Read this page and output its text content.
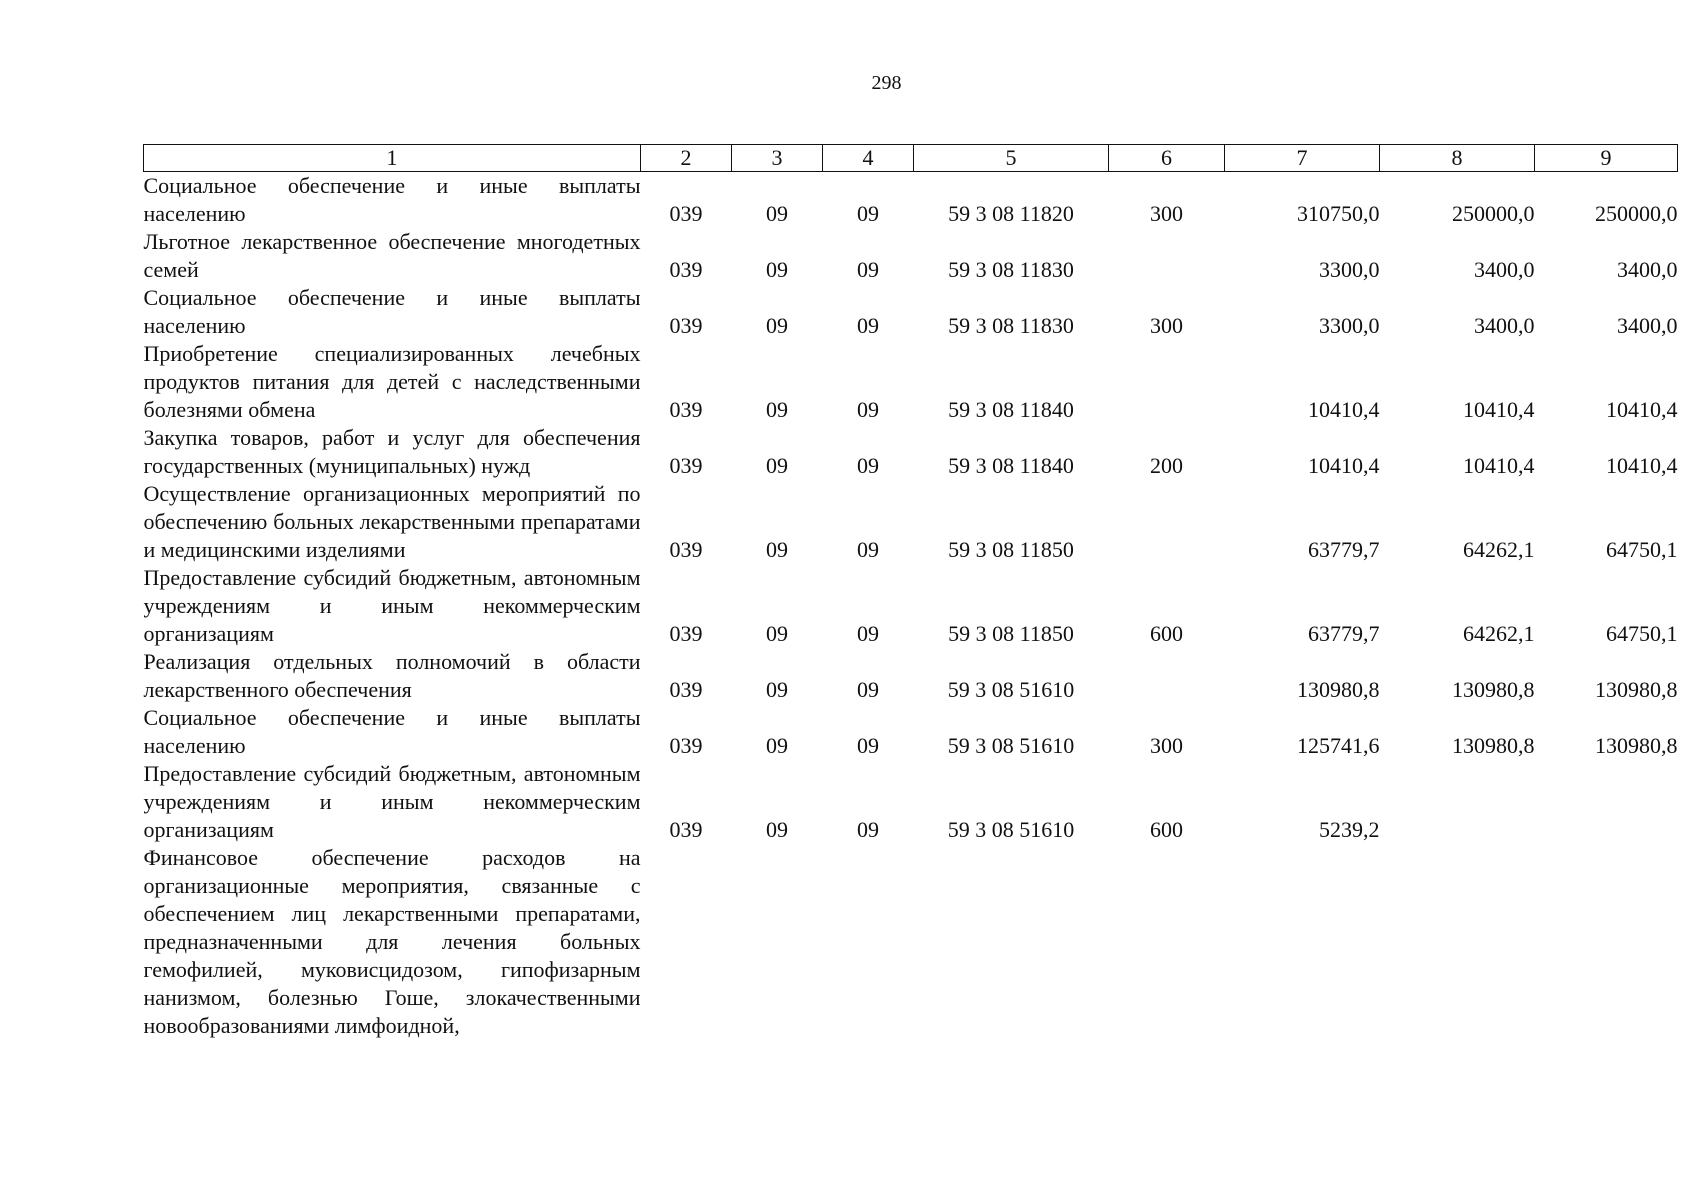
298
1	2	3	4	5	6	7	8	9
Социальное обеспечение и иные выплаты населению	039	09	09	59 3 08 11820	300	310750,0	250000,0	250000,0
Льготное лекарственное обеспечение многодетных семей	039	09	09	59 3 08 11830		3300,0	3400,0	3400,0
Социальное обеспечение и иные выплаты населению	039	09	09	59 3 08 11830	300	3300,0	3400,0	3400,0
Приобретение специализированных лечебных продуктов питания для детей с наследственными болезнями обмена	039	09	09	59 3 08 11840		10410,4	10410,4	10410,4
Закупка товаров, работ и услуг для обеспечения государственных (муниципальных) нужд	039	09	09	59 3 08 11840	200	10410,4	10410,4	10410,4
Осуществление организационных мероприятий по обеспечению больных лекарственными препаратами и медицинскими изделиями	039	09	09	59 3 08 11850		63779,7	64262,1	64750,1
Предоставление субсидий бюджетным, автономным учреждениям и иным некоммерческим организациям	039	09	09	59 3 08 11850	600	63779,7	64262,1	64750,1
Реализация отдельных полномочий в области лекарственного обеспечения	039	09	09	59 3 08 51610		130980,8	130980,8	130980,8
Социальное обеспечение и иные выплаты населению	039	09	09	59 3 08 51610	300	125741,6	130980,8	130980,8
Предоставление субсидий бюджетным, автономным учреждениям и иным некоммерческим организациям	039	09	09	59 3 08 51610	600	5239,2		
Финансовое обеспечение расходов на организационные мероприятия, связанные с обеспечением лиц лекарственными препаратами, предназначенными для лечения больных гемофилией, муковисцидозом, гипофизарным нанизмом, болезнью Гоше, злокачественными новообразованиями лимфоидной,								
